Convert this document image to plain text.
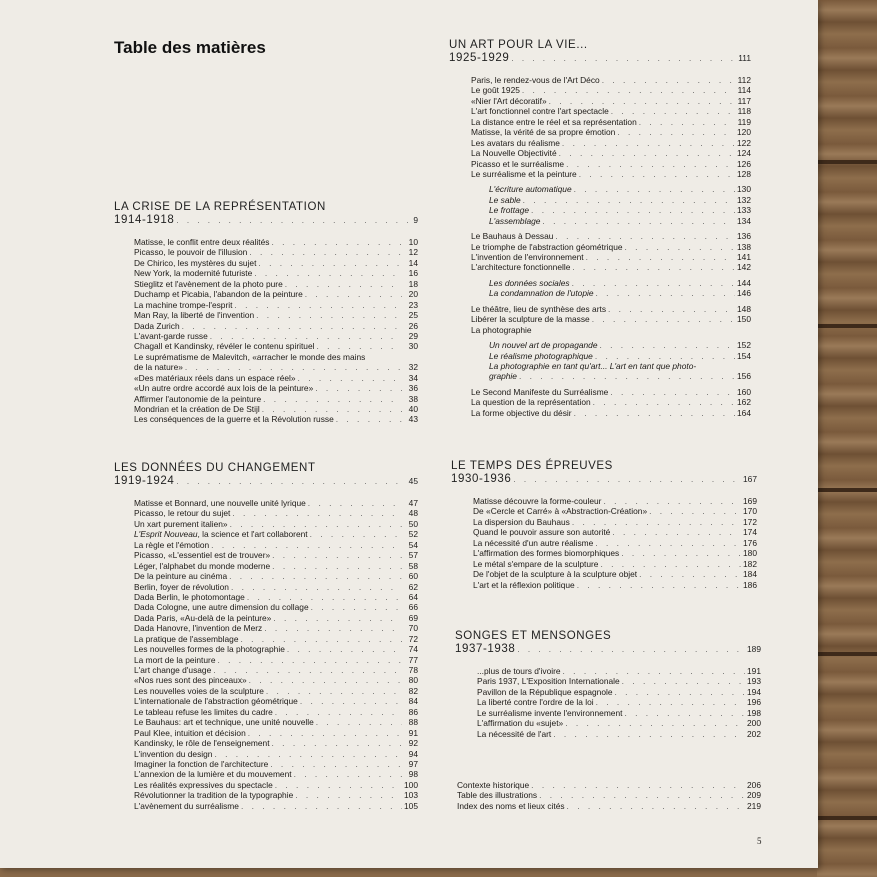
Table des matières
LA CRISE DE LA REPRÉSENTATION
1914-1918 . . .	9
Matisse, le conflit entre deux réalités . . .	10
Picasso, le pouvoir de l'illusion . . .	12
De Chirico, les mystères du sujet . . .	14
New York, la modernité futuriste . . .	16
Stieglitz et l'avènement de la photo pure . . .	18
Duchamp et Picabia, l'abandon de la peinture . . .	20
La machine trompe-l'esprit . . .	23
Man Ray, la liberté de l'invention . . .	25
Dada Zurich . . .	26
L'avant-garde russe . . .	29
Chagall et Kandinsky, révéler le contenu spirituel . . .	30
Le suprématisme de Malevitch, «arracher le monde des mains
de la nature» . . .	32
«Des matériaux réels dans un espace réel» . . .	34
«Un autre ordre accordé aux lois de la peinture» . . .	36
Affirmer l'autonomie de la peinture . . .	38
Mondrian et la création de De Stijl . . .	40
Les conséquences de la guerre et la Révolution russe . . .	43
LES DONNÉES DU CHANGEMENT
1919-1924 . . .	45
Matisse et Bonnard, une nouvelle unité lyrique . . .	47
Picasso, le retour du sujet . . .	48
Un xart purement italien» . . .	50
L'Esprit Nouveau, la science et l'art collaborent . . .	52
La règle et l'émotion . . .	54
Picasso, «L'essentiel est de trouver» . . .	57
Léger, l'alphabet du monde moderne . . .	58
De la peinture au cinéma . . .	60
Berlin, foyer de révolution . . .	62
Dada Berlin, le photomontage . . .	64
Dada Cologne, une autre dimension du collage . . .	66
Dada Paris, «Au-delà de la peinture» . . .	69
Dada Hanovre, l'invention de Merz . . .	70
La pratique de l'assemblage . . .	72
Les nouvelles formes de la photographie . . .	74
La mort de la peinture . . .	77
L'art change d'usage . . .	78
«Nos rues sont des pinceaux» . . .	80
Les nouvelles voies de la sculpture . . .	82
L'internationale de l'abstraction géométrique . . .	84
Le tableau refuse les limites du cadre . . .	86
Le Bauhaus: art et technique, une unité nouvelle . . .	88
Paul Klee, intuition et décision . . .	91
Kandinsky, le rôle de l'enseignement . . .	92
L'invention du design . . .	94
Imaginer la fonction de l'architecture . . .	97
L'annexion de la lumière et du mouvement . . .	98
Les réalités expressives du spectacle . . .	100
Révolutionner la tradition de la typographie . . .	103
L'avènement du surréalisme . . .	105
UN ART POUR LA VIE...
1925-1929 . . .	111
Paris, le rendez-vous de l'Art Déco . . .	112
Le goût 1925 . . .	114
«Nier l'Art décoratif» . . .	117
L'art fonctionnel contre l'art spectacle . . .	118
La distance entre le réel et sa représentation . . .	119
Matisse, la vérité de sa propre émotion . . .	120
Les avatars du réalisme . . .	122
La Nouvelle Objectivité . . .	124
Picasso et le surréalisme . . .	126
Le surréalisme et la peinture . . .	128
L'écriture automatique . . .	130
Le sable . . .	132
Le frottage . . .	133
L'assemblage . . .	134
Le Bauhaus à Dessau . . .	136
Le triomphe de l'abstraction géométrique . . .	138
L'invention de l'environnement . . .	141
L'architecture fonctionnelle . . .	142
Les données sociales . . .	144
La condamnation de l'utopie . . .	146
Le théâtre, lieu de synthèse des arts . . .	148
Libérer la sculpture de la masse . . .	150
La photographie
Un nouvel art de propagande . . .	152
Le réalisme photographique . . .	154
La photographie en tant qu'art... L'art en tant que photo-
graphie . . .	156
Le Second Manifeste du Surréalisme . . .	160
La question de la représentation . . .	162
La forme objective du désir . . .	164
LE TEMPS DES ÉPREUVES
1930-1936 . . .	167
Matisse découvre la forme-couleur . . .	169
De «Cercle et Carré» à «Abstraction-Création» . . .	170
La dispersion du Bauhaus . . .	172
Quand le pouvoir assure son autorité . . .	174
La nécessité d'un autre réalisme . . .	176
L'affirmation des formes biomorphiques . . .	180
Le métal s'empare de la sculpture . . .	182
De l'objet de la sculpture à la sculpture objet . . .	184
L'art et la réflexion politique . . .	186
SONGES ET MENSONGES
1937-1938 . . .	189
...plus de tours d'ivoire . . .	191
Paris 1937, L'Exposition Internationale . . .	193
Pavillon de la République espagnole . . .	194
La liberté contre l'ordre de la loi . . .	196
Le surréalisme invente l'environnement . . .	198
L'affirmation du «sujet» . . .	200
La nécessité de l'art . . .	202
Contexte historique . . .	206
Table des illustrations . . .	209
Index des noms et lieux cités . . .	219
5
